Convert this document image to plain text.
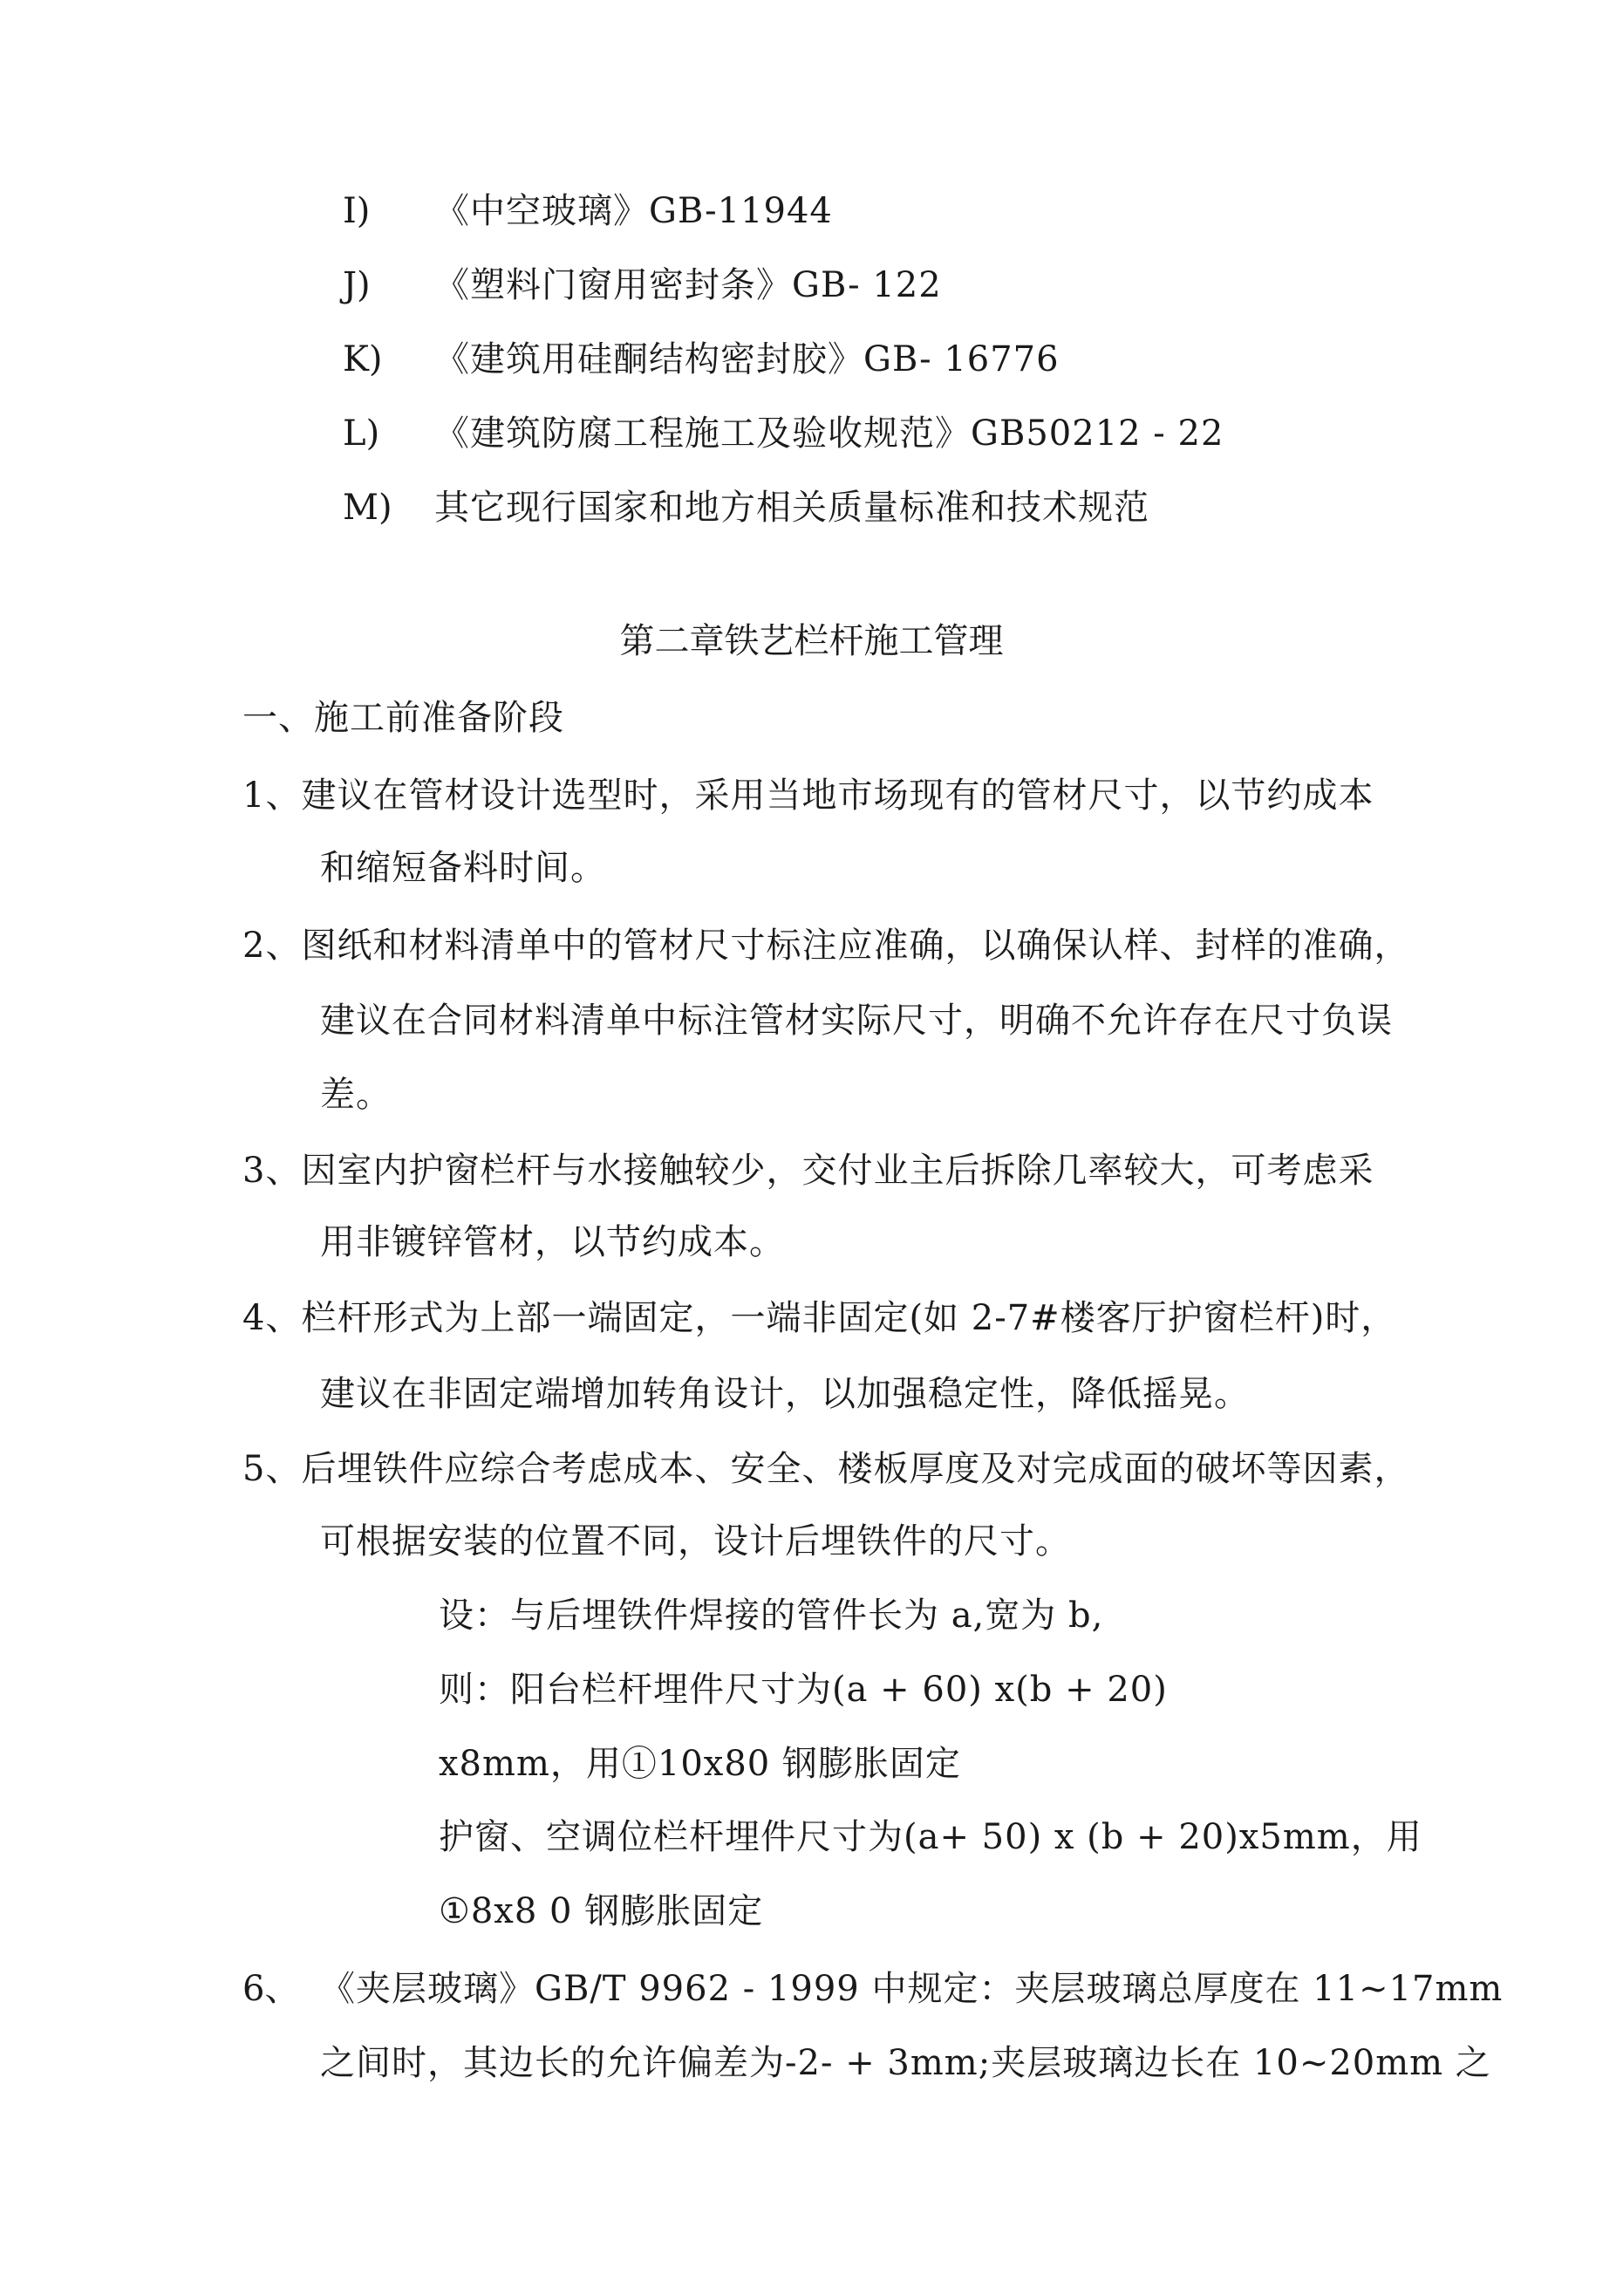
I) 《中空玻璃》GB-11944
J) 《塑料门窗用密封条》GB- 122
K) 《建筑用硅酮结构密封胶》GB- 16776
L) 《建筑防腐工程施工及验收规范》GB50212 - 22
M) 其它现行国家和地方相关质量标准和技术规范
第二章铁艺栏杆施工管理
一、施工前准备阶段
1、建议在管材设计选型时，采用当地市场现有的管材尺寸，以节约成本
和缩短备料时间。
2、图纸和材料清单中的管材尺寸标注应准确，以确保认样、封样的准确，
建议在合同材料清单中标注管材实际尺寸，明确不允许存在尺寸负误
差。
3、因室内护窗栏杆与水接触较少，交付业主后拆除几率较大，可考虑采
用非镀锌管材，以节约成本。
4、栏杆形式为上部一端固定，一端非固定(如 2-7#楼客厅护窗栏杆)时，
建议在非固定端增加转角设计，以加强稳定性，降低摇晃。
5、后埋铁件应综合考虑成本、安全、楼板厚度及对完成面的破坏等因素，
可根据安装的位置不同，设计后埋铁件的尺寸。
设：与后埋铁件焊接的管件长为 a,宽为 b,
则：阳台栏杆埋件尺寸为(a + 60) x(b + 20)
x8mm，用①10x80 钢膨胀固定
护窗、空调位栏杆埋件尺寸为(a+ 50) x (b + 20)x5mm，用
①8x8 0 钢膨胀固定
6、 《夹层玻璃》GB/T 9962 - 1999 中规定：夹层玻璃总厚度在 11~17mm
之间时，其边长的允许偏差为-2- + 3mm;夹层玻璃边长在 10~20mm 之
